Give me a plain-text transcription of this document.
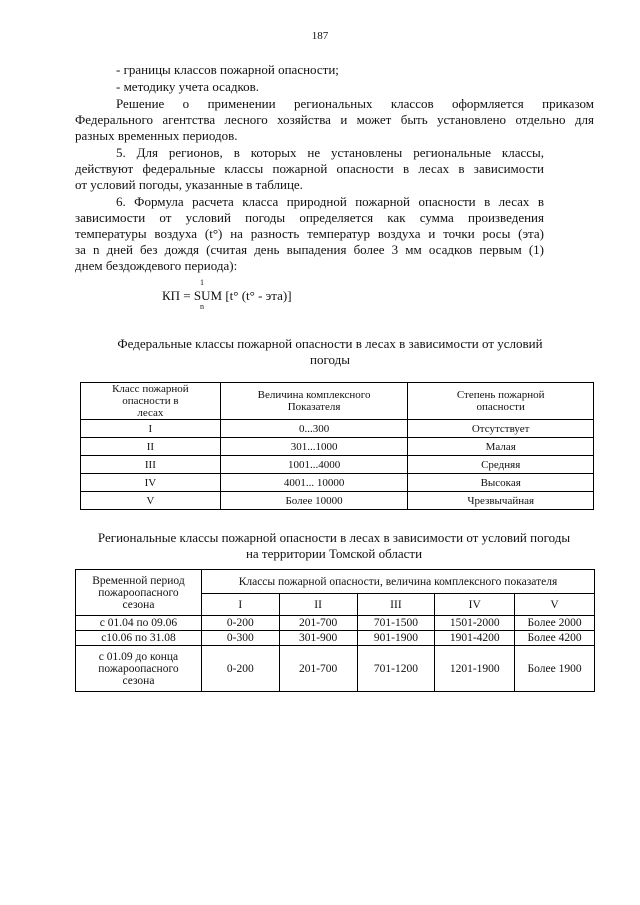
187
- границы классов пожарной опасности;
- методику учета осадков.
Решение о применении региональных классов оформляется приказом
Федерального агентства лесного хозяйства и может быть установлено отдельно для
разных временных периодов.
5. Для регионов, в которых не установлены региональные классы,
действуют федеральные классы пожарной опасности в лесах в зависимости
от условий погоды, указанные в таблице.
6. Формула расчета класса природной пожарной опасности в лесах в
зависимости от условий погоды определяется как сумма произведения
температуры воздуха (t°) на разность температур воздуха и точки росы (эта)
за n дней без дождя (считая день выпадения более 3 мм осадков первым (1)
днем бездождевого периода):
1
КП = SUM [t° (t° - эта)]
n
Федеральные классы пожарной опасности в лесах в зависимости от условий
погоды
Класс пожарной опасности в лесах	Величина комплексного Показателя	Степень пожарной опасности
I	0...300	Отсутствует
II	301...1000	Малая
III	1001...4000	Средняя
IV	4001... 10000	Высокая
V	Более 10000	Чрезвычайная
Региональные классы пожарной опасности в лесах в зависимости от условий погоды
на территории Томской области
Временной период пожароопасного сезона	Классы пожарной опасности, величина комплексного показателя				
	I	II	III	IV	V
с 01.04 по 09.06	0-200	201-700	701-1500	1501-2000	Более 2000
с10.06 по 31.08	0-300	301-900	901-1900	1901-4200	Более 4200
с 01.09 до конца пожароопасного сезона	0-200	201-700	701-1200	1201-1900	Более 1900
